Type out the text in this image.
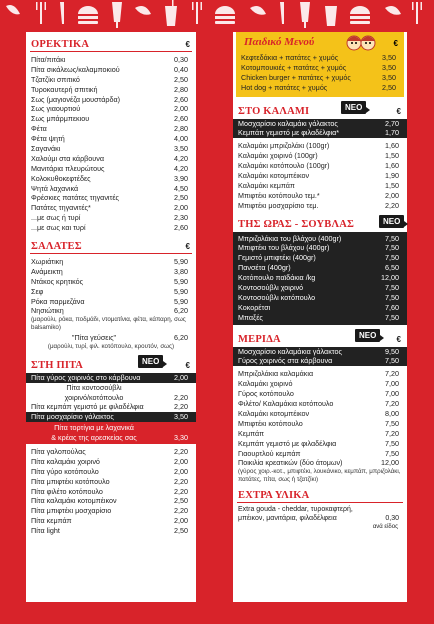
ΟΡΕΚΤΙΚΑ	€
Πίτα/πιτάκι	0,30
Πίτα σικάλεως/καλαμποκιού	0,40
Τζατζίκι σπιτικό	2,50
Τυροκαυτερή σπιτική	2,80
Σως (μαγιονέζα μουστάρδα)	2,60
Σως γιαουρτιού	2,00
Σως μπάρμπεκιου	2,60
Φέτα	2,80
Φέτα ψητή	4,00
Σαγανάκι	3,50
Χαλούμι στα κάρβουνα	4,20
Μανιτάρια πλευρώτους	4,20
Κολοκυθοκεφτέδες	3,90
Ψητά λαχανικά	4,50
Φρέσκιες πατάτες τηγανιτές	2,50
Πατάτες τηγανιτές*	2,00
...με σως ή τυρί	2,30
...με σως και τυρί	2,60
ΣΑΛΑΤΕΣ	€
Χωριάτικη	5,90
Ανάμεικτη	3,80
Ντάκος κρητικός	5,90
Σεφ	5,90
Ρόκα παρμεζάνα	5,90
Νησιώτικη	6,20
(μαρούλι, ρόκα, ποδμάδι, ντοματίνια, φέτα, κάπαρη, σως balsamiko)
"Πίτα γεύσεις"	6,20
(μαρούλι, τυρί, φιλ. κοτόπουλο, κρουτόν, σως)
ΣΤΗ ΠΙΤΑ	ΝΕΟ	€
Πίτα γύρος χοιρινός στο κάρβουνα	2,00
Πίτα κοντοσούβλι
χοιρινό/κοτόπουλο	2,20
Πίτα κεμπάπ γεμιστό με φιλαδέλφια	2,20
Πίτα μοσχαρίσιο γάλακτος	3,50
Πίτα τορτίγια με λαχανικά
& κρέας της αρεσκείας σας	3,30
Πίτα γαλοπούλας	2,20
Πίτα καλαμάκι χοιρινό	2,00
Πίτα γύρο κοτόπουλο	2,00
Πίτα μπιφτέκι κοτόπουλο	2,20
Πίτα φιλέτο κοτόπουλο	2,20
Πίτα καλαμάκι κοτομπέικον	2,50
Πίτα μπιφτέκι μοσχαρίσιο	2,20
Πίτα κεμπάπ	2,00
Πίτα light	2,50
Παιδικό Μενού	€
Κεφτεδάκια + πατάτες + χυμός	3,50
Κοτομπουκιές + πατάτες + χυμός	3,50
Chicken burger + πατάτες + χυμός	3,50
Hot dog + πατάτες + χυμός	2,50
ΣΤΟ ΚΑΛΑΜΙ	ΝΕΟ	€
Μοσχαρίσιο καλαμάκι γάλακτος	2,70
Κεμπάπ γεμιστό με φιλαδέλφια*	1,70
Καλαμάκι μπριζολάκι (100gr)	1,60
Καλαμάκι χοιρινό (100gr)	1,50
Καλαμάκι κοτόπουλο (100gr)	1,60
Καλαμάκι κοτομπέικον	1,90
Καλαμάκι κεμπάπ	1,50
Μπιφτέκι κοτόπουλο τεμ.*	2,00
Μπιφτέκι μοσχαρίσιο τεμ.	2,20
ΤΗΣ ΩΡΑΣ - ΣΟΥΒΛΑΣ	ΝΕΟ
Μπριζολάκια του βλάχου (400gr)	7,50
Μπιφτέκι του βλάχου (400gr)	7,50
Γεμιστό μπιφτέκι (400gr)	7,50
Πανσέτα (400gr)	6,50
Κοτόπουλο παϊδάκια /kg	12,00
Κοντοσούβλι χοιρινό	7,50
Κοντοσούβλι κοτόπουλο	7,50
Κοκορέτσι	7,60
Μπαξές	7,50
ΜΕΡΙΔΑ	ΝΕΟ	€
Μοσχαρίσιο καλαμάκια γάλακτος	9,50
Γύρος χοιρινός στα κάρβουνα	7,50
Μπριζολάκια καλαμάκια	7,20
Καλαμάκι χοιρινό	7,00
Γύρος κοτόπουλο	7,00
Φιλέτο/ Καλαμάκια κοτόπουλο	7,20
Καλαμάκι κοτομπέικον	8,00
Μπιφτέκι κοτόπουλο	7,50
Κεμπάπ	7,20
Κεμπάπ γεμιστό με φιλαδέλφια	7,50
Γιαουρτλού κεμπάπ	7,50
Ποικιλία κρεατικών (δύο άτομων)	12,00
(γύρος χοιρ.-κοτ., μπιφτέκι, λουκάνικο, κεμπάπ, μπριζολάκι, πατάτες, πίτα, σως ή τζατζίκι)
ΕΧΤΡΑ ΥΛΙΚΑ
Extra gouda - cheddar, τυροκαφτερή,
μπέικον, μανιτάρια, φιλαδέλφεια	0,30
ανά είδος
